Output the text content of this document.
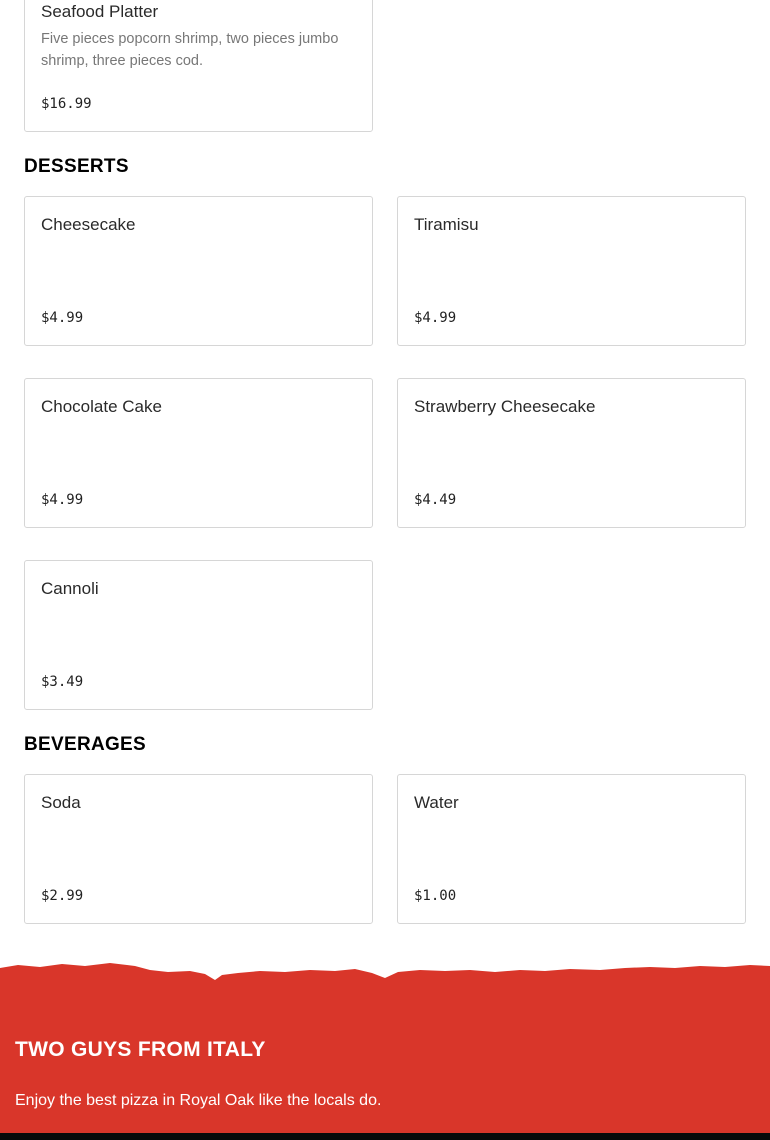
Seafood Platter
Five pieces popcorn shrimp, two pieces jumbo shrimp, three pieces cod.
$16.99
DESSERTS
Cheesecake
$4.99
Tiramisu
$4.99
Chocolate Cake
$4.99
Strawberry Cheesecake
$4.49
Cannoli
$3.49
BEVERAGES
Soda
$2.99
Water
$1.00
TWO GUYS FROM ITALY

Enjoy the best pizza in Royal Oak like the locals do.
